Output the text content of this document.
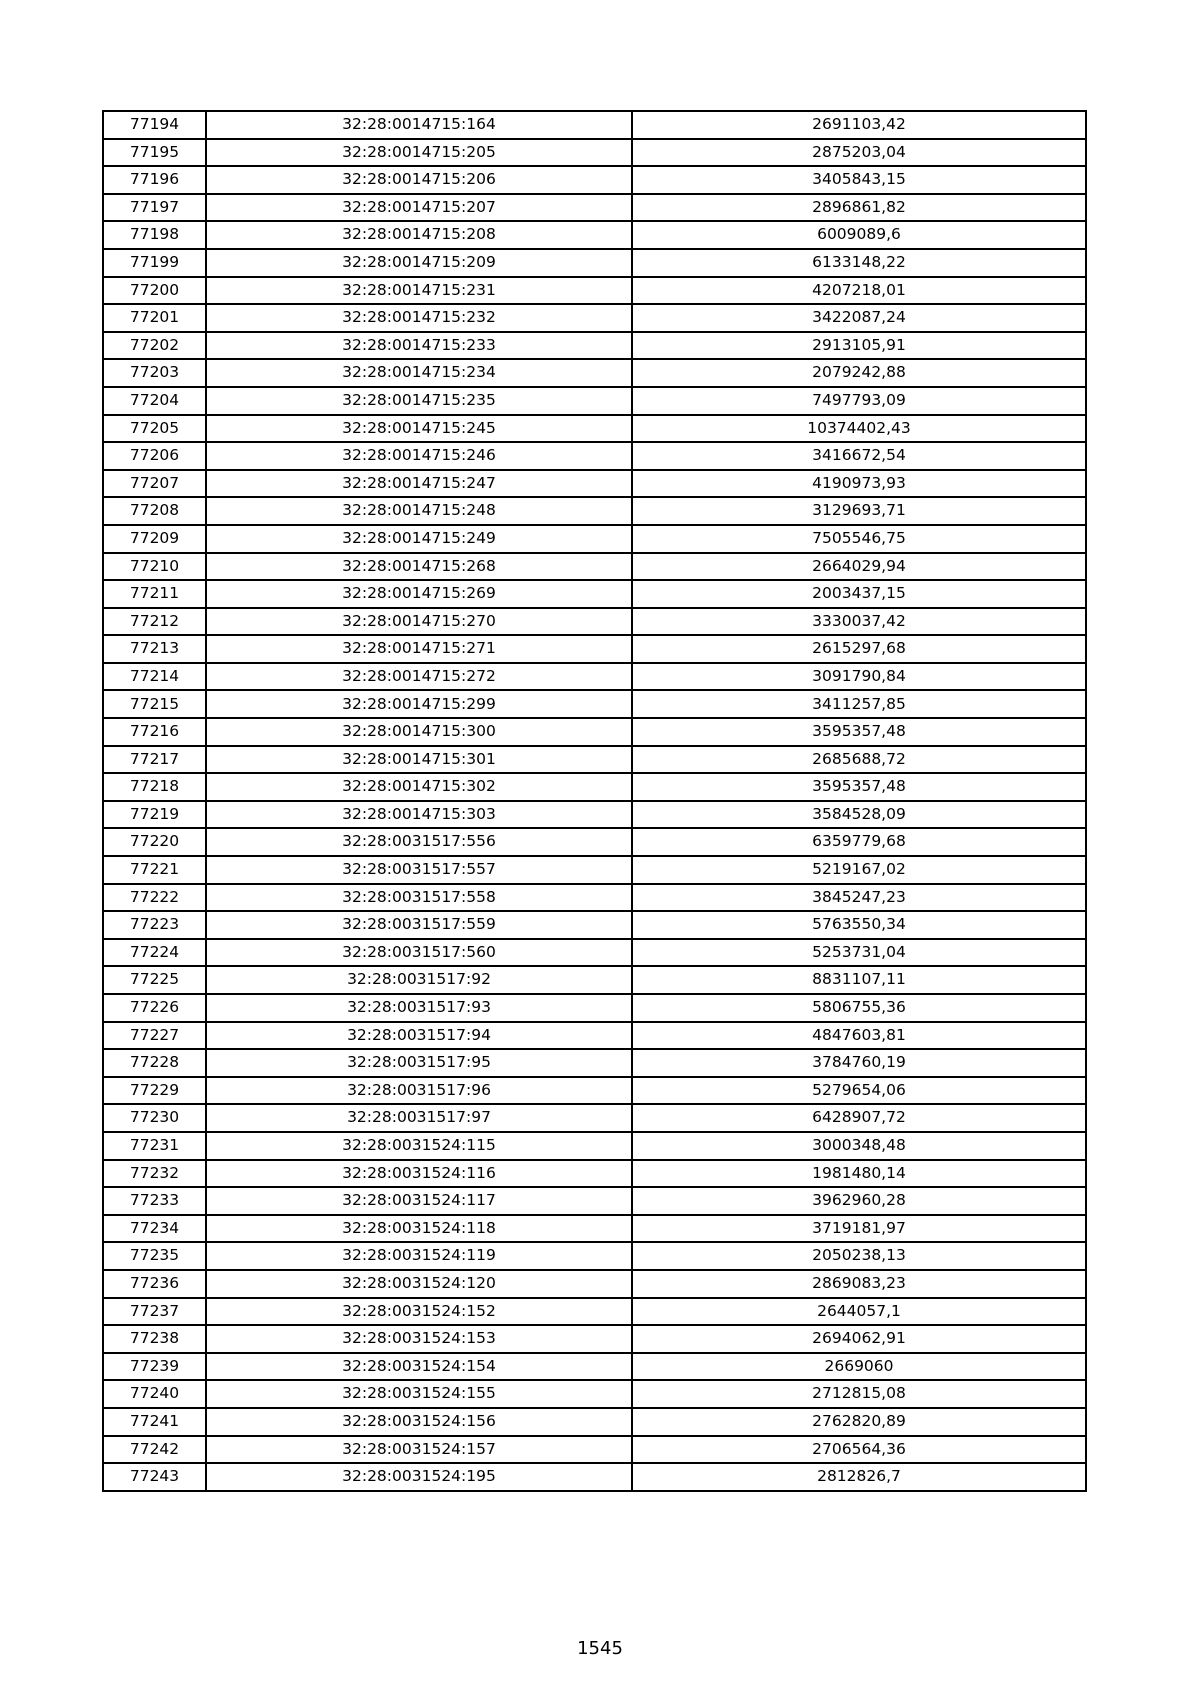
77194	32:28:0014715:164	2691103,42
77195	32:28:0014715:205	2875203,04
77196	32:28:0014715:206	3405843,15
77197	32:28:0014715:207	2896861,82
77198	32:28:0014715:208	6009089,6
77199	32:28:0014715:209	6133148,22
77200	32:28:0014715:231	4207218,01
77201	32:28:0014715:232	3422087,24
77202	32:28:0014715:233	2913105,91
77203	32:28:0014715:234	2079242,88
77204	32:28:0014715:235	7497793,09
77205	32:28:0014715:245	10374402,43
77206	32:28:0014715:246	3416672,54
77207	32:28:0014715:247	4190973,93
77208	32:28:0014715:248	3129693,71
77209	32:28:0014715:249	7505546,75
77210	32:28:0014715:268	2664029,94
77211	32:28:0014715:269	2003437,15
77212	32:28:0014715:270	3330037,42
77213	32:28:0014715:271	2615297,68
77214	32:28:0014715:272	3091790,84
77215	32:28:0014715:299	3411257,85
77216	32:28:0014715:300	3595357,48
77217	32:28:0014715:301	2685688,72
77218	32:28:0014715:302	3595357,48
77219	32:28:0014715:303	3584528,09
77220	32:28:0031517:556	6359779,68
77221	32:28:0031517:557	5219167,02
77222	32:28:0031517:558	3845247,23
77223	32:28:0031517:559	5763550,34
77224	32:28:0031517:560	5253731,04
77225	32:28:0031517:92	8831107,11
77226	32:28:0031517:93	5806755,36
77227	32:28:0031517:94	4847603,81
77228	32:28:0031517:95	3784760,19
77229	32:28:0031517:96	5279654,06
77230	32:28:0031517:97	6428907,72
77231	32:28:0031524:115	3000348,48
77232	32:28:0031524:116	1981480,14
77233	32:28:0031524:117	3962960,28
77234	32:28:0031524:118	3719181,97
77235	32:28:0031524:119	2050238,13
77236	32:28:0031524:120	2869083,23
77237	32:28:0031524:152	2644057,1
77238	32:28:0031524:153	2694062,91
77239	32:28:0031524:154	2669060
77240	32:28:0031524:155	2712815,08
77241	32:28:0031524:156	2762820,89
77242	32:28:0031524:157	2706564,36
77243	32:28:0031524:195	2812826,7
1545
